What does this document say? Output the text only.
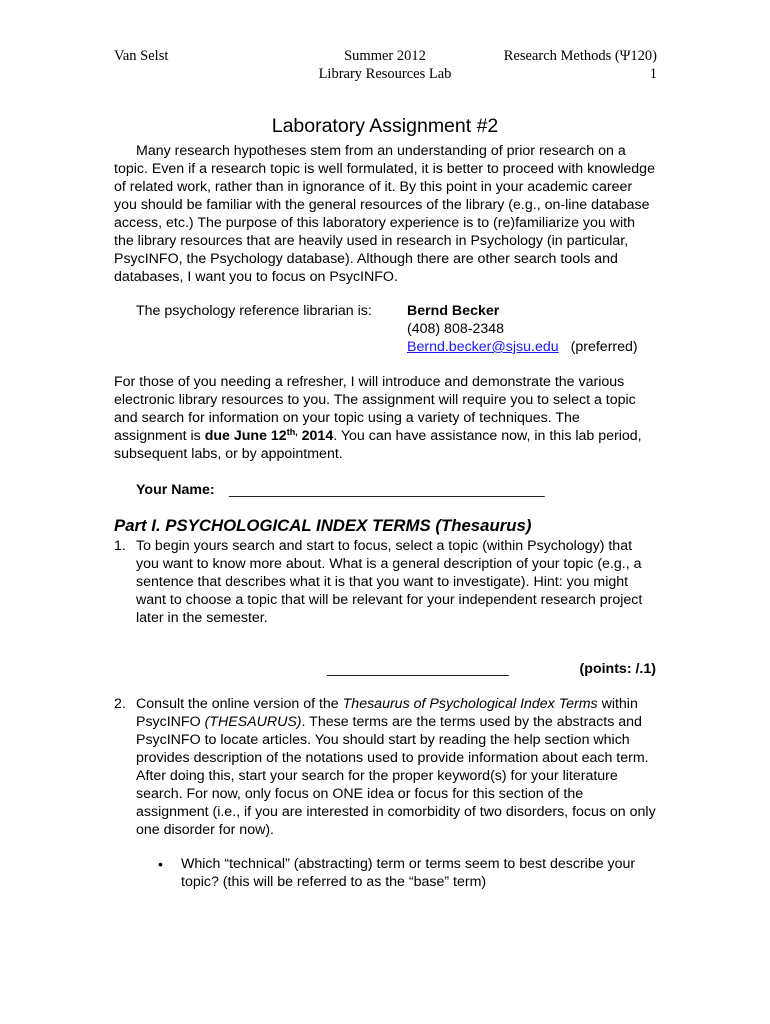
Van Selst	Summer 2012
Library Resources Lab
Research Methods (Ψ120)
1
Laboratory Assignment #2
Many research hypotheses stem from an understanding of prior research on a topic. Even if a research topic is well formulated, it is better to proceed with knowledge of related work, rather than in ignorance of it. By this point in your academic career you should be familiar with the general resources of the library (e.g., on-line database access, etc.) The purpose of this laboratory experience is to (re)familiarize you with the library resources that are heavily used in research in Psychology (in particular, PsycINFO, the Psychology database). Although there are other search tools and databases, I want you to focus on PsycINFO.
The psychology reference librarian is: Bernd Becker
(408) 808-2348
Bernd.becker@sjsu.edu (preferred)
For those of you needing a refresher, I will introduce and demonstrate the various electronic library resources to you. The assignment will require you to select a topic and search for information on your topic using a variety of techniques. The assignment is due June $12^{th,}$ 2014. You can have assistance now, in this lab period, subsequent labs, or by appointment.
Your Name: ________________________________________
Part I. PSYCHOLOGICAL INDEX TERMS (Thesaurus)
1. To begin yours search and start to focus, select a topic (within Psychology) that you want to know more about. What is a general description of your topic (e.g., a sentence that describes what it is that you want to investigate). Hint: you might want to choose a topic that will be relevant for your independent research project later in the semester.
_______________________	(points: /.1)
2. Consult the online version of the Thesaurus of Psychological Index Terms within PsycINFO (THESAURUS). These terms are the terms used by the abstracts and PsycINFO to locate articles. You should start by reading the help section which provides description of the notations used to provide information about each term. After doing this, start your search for the proper keyword(s) for your literature search. For now, only focus on ONE idea or focus for this section of the assignment (i.e., if you are interested in comorbidity of two disorders, focus on only one disorder for now).
• Which “technical” (abstracting) term or terms seem to best describe your topic? (this will be referred to as the “base” term)
